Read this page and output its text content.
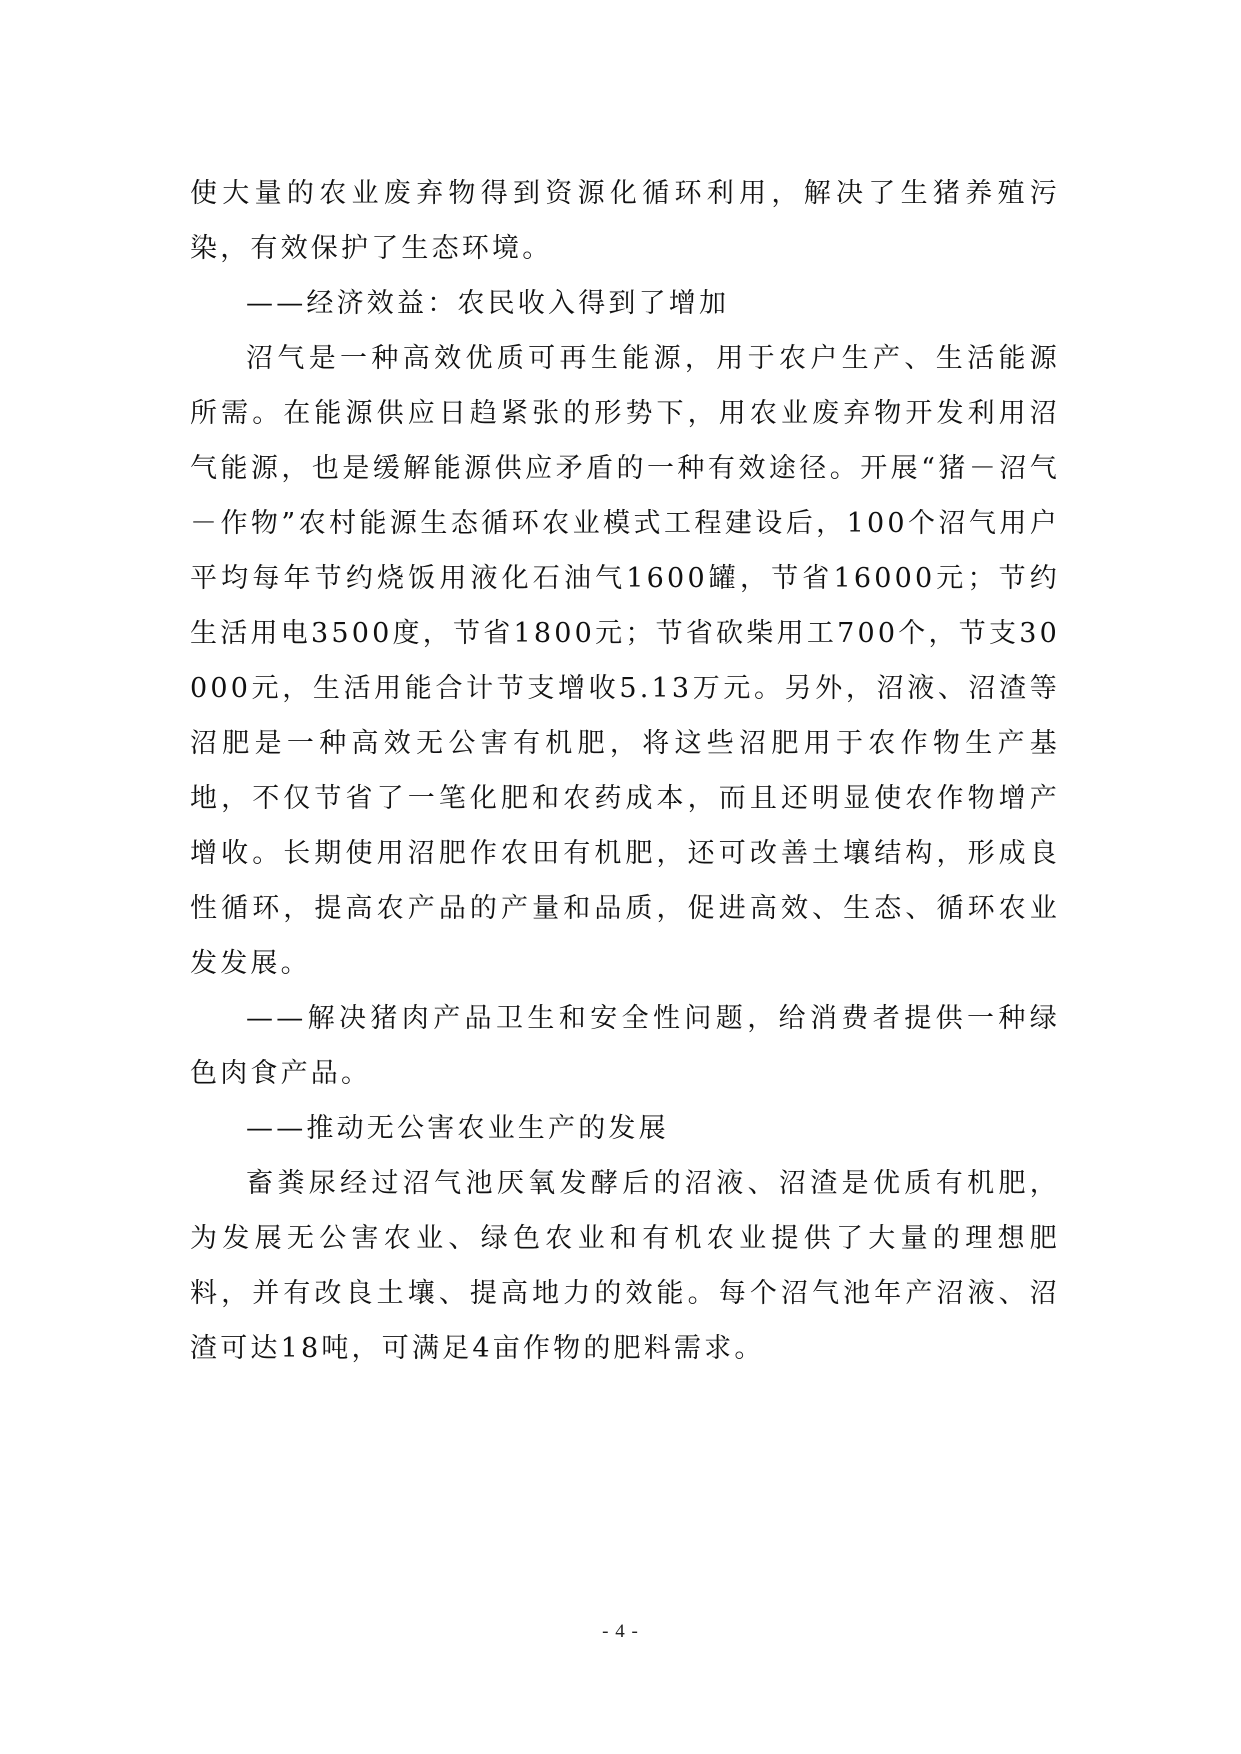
使大量的农业废弃物得到资源化循环利用，解决了生猪养殖污染，有效保护了生态环境。

——经济效益：农民收入得到了增加

沼气是一种高效优质可再生能源，用于农户生产、生活能源所需。在能源供应日趋紧张的形势下，用农业废弃物开发利用沼气能源，也是缓解能源供应矛盾的一种有效途径。开展“猪－沼气－作物”农村能源生态循环农业模式工程建设后，100个沼气用户平均每年节约烧饭用液化石油气1600罐，节省16000元；节约生活用电3500度，节省1800元；节省砍柴用工700个，节支30000元，生活用能合计节支增收5.13万元。另外，沼液、沼渣等沼肥是一种高效无公害有机肥，将这些沼肥用于农作物生产基地，不仅节省了一笔化肥和农药成本，而且还明显使农作物增产增收。长期使用沼肥作农田有机肥，还可改善土壤结构，形成良性循环，提高农产品的产量和品质，促进高效、生态、循环农业发发展。

——解决猪肉产品卫生和安全性问题，给消费者提供一种绿色肉食产品。

——推动无公害农业生产的发展

畜粪尿经过沼气池厌氧发酵后的沼液、沼渣是优质有机肥，为发展无公害农业、绿色农业和有机农业提供了大量的理想肥料，并有改良土壤、提高地力的效能。每个沼气池年产沼液、沼渣可达18吨，可满足4亩作物的肥料需求。

- 4 -
